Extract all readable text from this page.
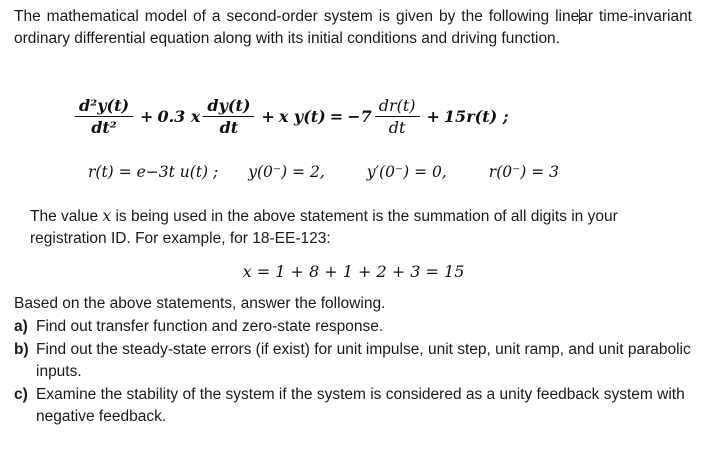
The mathematical model of a second-order system is given by the following linear time-invariant ordinary differential equation along with its initial conditions and driving function.
$\frac{\text{d²y(t)}}{\text{dt²}} + 0.3$ x $\frac{dy(t)}{dt} + x$ $y(t) = -7 \frac{dr(t)}{dt} + 15r(t)$ ;
r(t) = e−3t u(t) ; y(0⁻) = 2,	y′(0⁻) = 0,	r(0⁻) = 3
The value x is being used in the above statement is the summation of all digits in your registration ID. For example, for 18-EE-123:
x = 1 + 8 + 1 + 2 + 3 = 15
Based on the above statements, answer the following.
a) Find out transfer function and zero-state response.
b) Find out the steady-state errors (if exist) for unit impulse, unit step, unit ramp, and unit parabolic inputs.
c) Examine the stability of the system if the system is considered as a unity feedback system with negative feedback.
